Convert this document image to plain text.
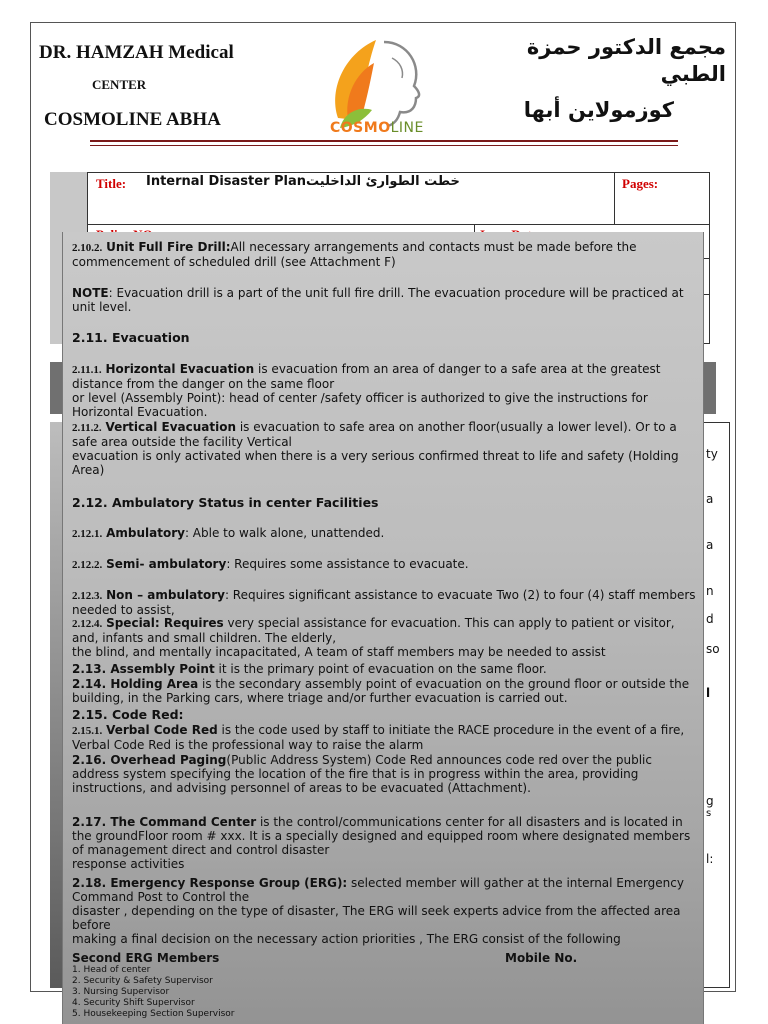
DR. HAMZAH Medical
CENTER
COSMOLINE ABHA
مجمع الدكتور حمزة الطبي
كوزمولاين أبها
COSMOLINE
Title: Internal Disaster Plan خطت الطوارئ الداخليت	Pages:
ty
a
a
n
d
so
l
g
s
l:
2.10.2. Unit Full Fire Drill:All necessary arrangements and contacts must be made before the commencement of scheduled drill (see Attachment F)
NOTE: Evacuation drill is a part of the unit full fire drill. The evacuation procedure will be practiced at unit level.
2.11. Evacuation
2.11.1. Horizontal Evacuation is evacuation from an area of danger to a safe area at the greatest distance from the danger on the same floor
or level (Assembly Point): head of center /safety officer is authorized to give the instructions for Horizontal Evacuation.
2.11.2. Vertical Evacuation is evacuation to safe area on another floor(usually a lower level). Or to a safe area outside the facility Vertical
evacuation is only activated when there is a very serious confirmed threat to life and safety (Holding Area)
2.12. Ambulatory Status in center Facilities
2.12.1. Ambulatory: Able to walk alone, unattended.
2.12.2. Semi- ambulatory: Requires some assistance to evacuate.
2.12.3. Non – ambulatory: Requires significant assistance to evacuate Two (2) to four (4) staff members needed to assist,
2.12.4. Special: Requires very special assistance for evacuation. This can apply to patient or visitor, and, infants and small children. The elderly,
the blind, and mentally incapacitated, A team of staff members may be needed to assist
2.13. Assembly Point it is the primary point of evacuation on the same floor.
2.14. Holding Area is the secondary assembly point of evacuation on the ground floor or outside the building, in the Parking cars, where triage and/or further evacuation is carried out.
2.15. Code Red:
2.15.1. Verbal Code Red is the code used by staff to initiate the RACE procedure in the event of a fire, Verbal Code Red is the professional way to raise the alarm
2.16. Overhead Paging(Public Address System) Code Red announces code red over the public address system specifying the location of the fire that is in progress within the area, providing instructions, and advising personnel of areas to be evacuated (Attachment).
2.17. The Command Center is the control/communications center for all disasters and is located in the groundFloor room # xxx. It is a specially designed and equipped room where designated members of management direct and control disaster
response activities
2.18. Emergency Response Group (ERG): selected member will gather at the internal Emergency Command Post to Control the
disaster , depending on the type of disaster, The ERG will seek experts advice from the affected area before
making a final decision on the necessary action priorities , The ERG consist of the following
Second ERG Members	Mobile No.
1. Head of center
2. Security & Safety Supervisor
3. Nursing Supervisor
4. Security Shift Supervisor
5. Housekeeping Section Supervisor
